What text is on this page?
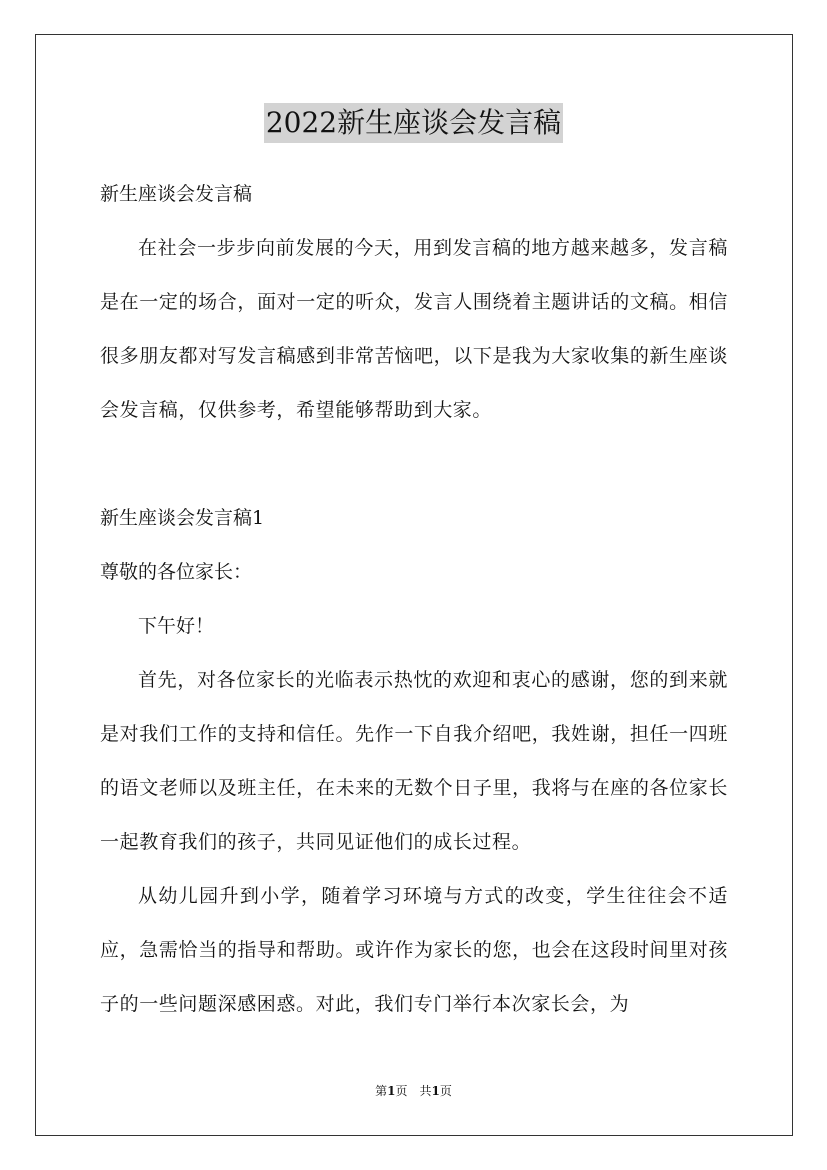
2022新生座谈会发言稿
新生座谈会发言稿
在社会一步步向前发展的今天，用到发言稿的地方越来越多，发言稿是在一定的场合，面对一定的听众，发言人围绕着主题讲话的文稿。相信很多朋友都对写发言稿感到非常苦恼吧，以下是我为大家收集的新生座谈会发言稿，仅供参考，希望能够帮助到大家。
新生座谈会发言稿1
尊敬的各位家长：
下午好！
首先，对各位家长的光临表示热忱的欢迎和衷心的感谢，您的到来就是对我们工作的支持和信任。先作一下自我介绍吧，我姓谢，担任一四班的语文老师以及班主任，在未来的无数个日子里，我将与在座的各位家长一起教育我们的孩子，共同见证他们的成长过程。
从幼儿园升到小学，随着学习环境与方式的改变，学生往往会不适应，急需恰当的指导和帮助。或许作为家长的您，也会在这段时间里对孩子的一些问题深感困惑。对此，我们专门举行本次家长会，为
第1页　共1页
